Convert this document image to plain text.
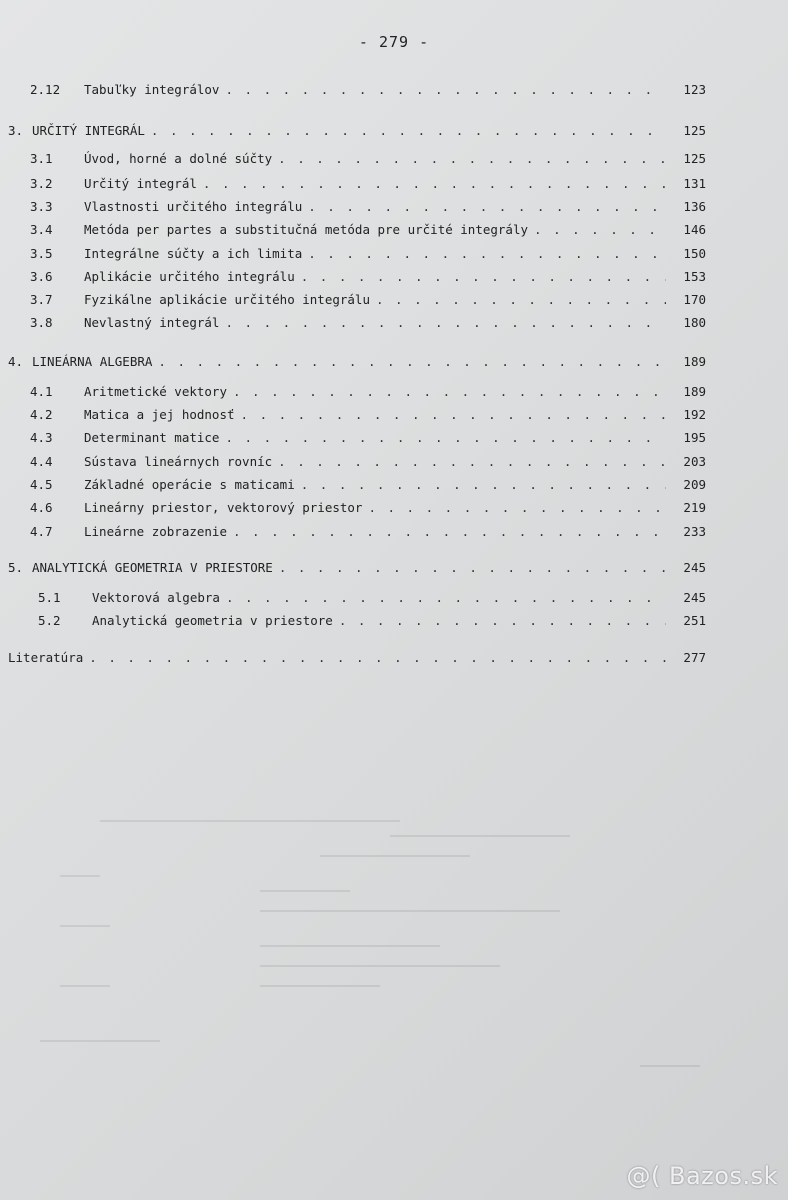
- 279 -
2.12	Tabuľky integrálov . . .	123
3. URČITÝ INTEGRÁL . . .	125
3.1	Úvod, horné a dolné súčty . . .	125
3.2	Určitý integrál . . .	131
3.3	Vlastnosti určitého integrálu . . .	136
3.4	Metóda per partes a substitučná metóda pre určité integrály . . .	146
3.5	Integrálne súčty a ich limita . . .	150
3.6	Aplikácie určitého integrálu . . .	153
3.7	Fyzikálne aplikácie určitého integrálu . . .	170
3.8	Nevlastný integrál . . .	180
4. LINEÁRNA ALGEBRA . . .	189
4.1	Aritmetické vektory . . .	189
4.2	Matica a jej hodnosť . . .	192
4.3	Determinant matice . . .	195
4.4	Sústava lineárnych rovníc . . .	203
4.5	Základné operácie s maticami . . .	209
4.6	Lineárny priestor, vektorový priestor . . .	219
4.7	Lineárne zobrazenie . . .	233
5. ANALYTICKÁ GEOMETRIA V PRIESTORE . . .	245
5.1	Vektorová algebra . . .	245
5.2	Analytická geometria v priestore . . .	251
Literatúra . . .	277
@( Bazos.sk
